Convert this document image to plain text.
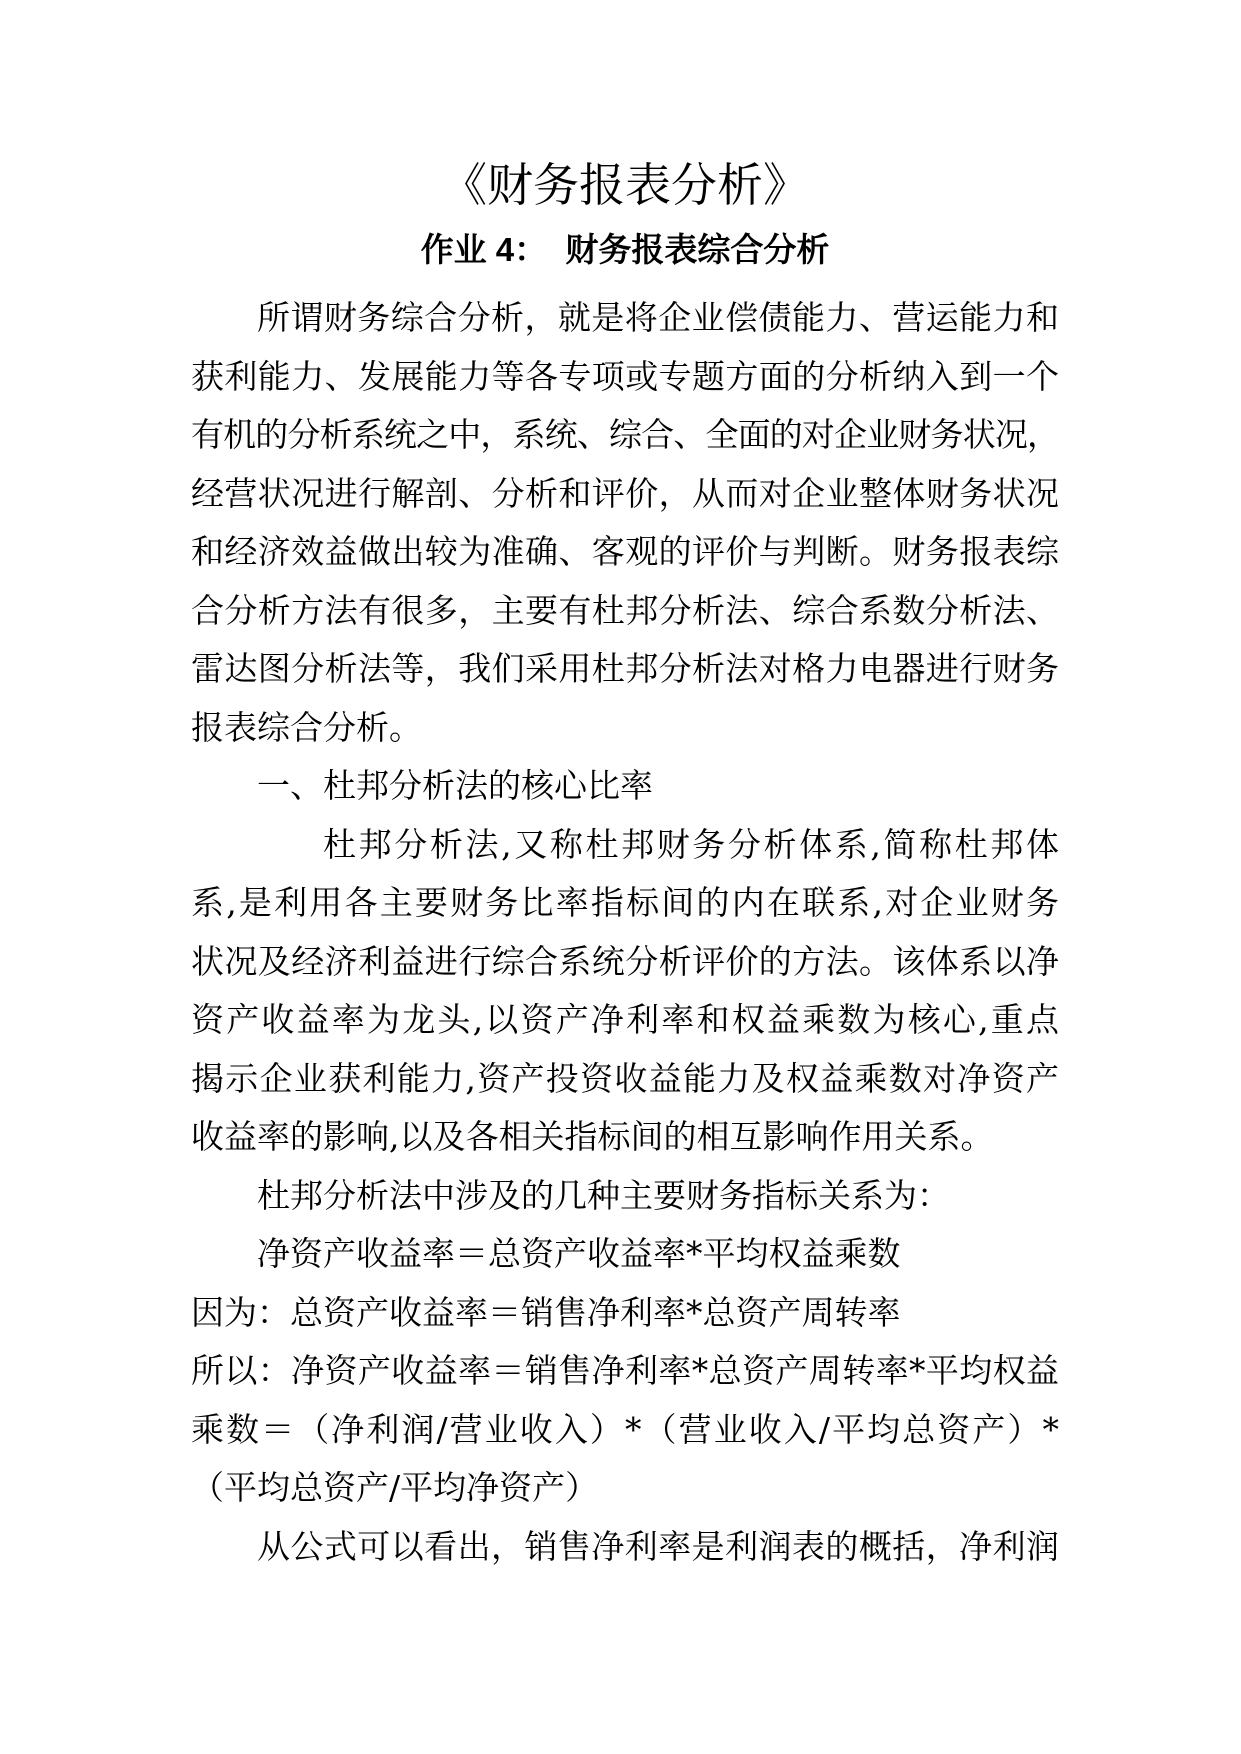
《财务报表分析》
作业 4：  财务报表综合分析
所谓财务综合分析，就是将企业偿债能力、营运能力和
获利能力、发展能力等各专项或专题方面的分析纳入到一个
有机的分析系统之中，系统、综合、全面的对企业财务状况，
经营状况进行解剖、分析和评价，从而对企业整体财务状况
和经济效益做出较为准确、客观的评价与判断。财务报表综
合分析方法有很多，主要有杜邦分析法、综合系数分析法、
雷达图分析法等，我们采用杜邦分析法对格力电器进行财务
报表综合分析。
一、杜邦分析法的核心比率
杜邦分析法,又称杜邦财务分析体系,简称杜邦体
系,是利用各主要财务比率指标间的内在联系,对企业财务
状况及经济利益进行综合系统分析评价的方法。该体系以净
资产收益率为龙头,以资产净利率和权益乘数为核心,重点
揭示企业获利能力,资产投资收益能力及权益乘数对净资产
收益率的影响,以及各相关指标间的相互影响作用关系。
杜邦分析法中涉及的几种主要财务指标关系为：
净资产收益率＝总资产收益率*平均权益乘数
因为：总资产收益率＝销售净利率*总资产周转率
所以：净资产收益率＝销售净利率*总资产周转率*平均权益
乘数＝（净利润/营业收入）*（营业收入/平均总资产）*
（平均总资产/平均净资产）
从公式可以看出，销售净利率是利润表的概括，净利润
